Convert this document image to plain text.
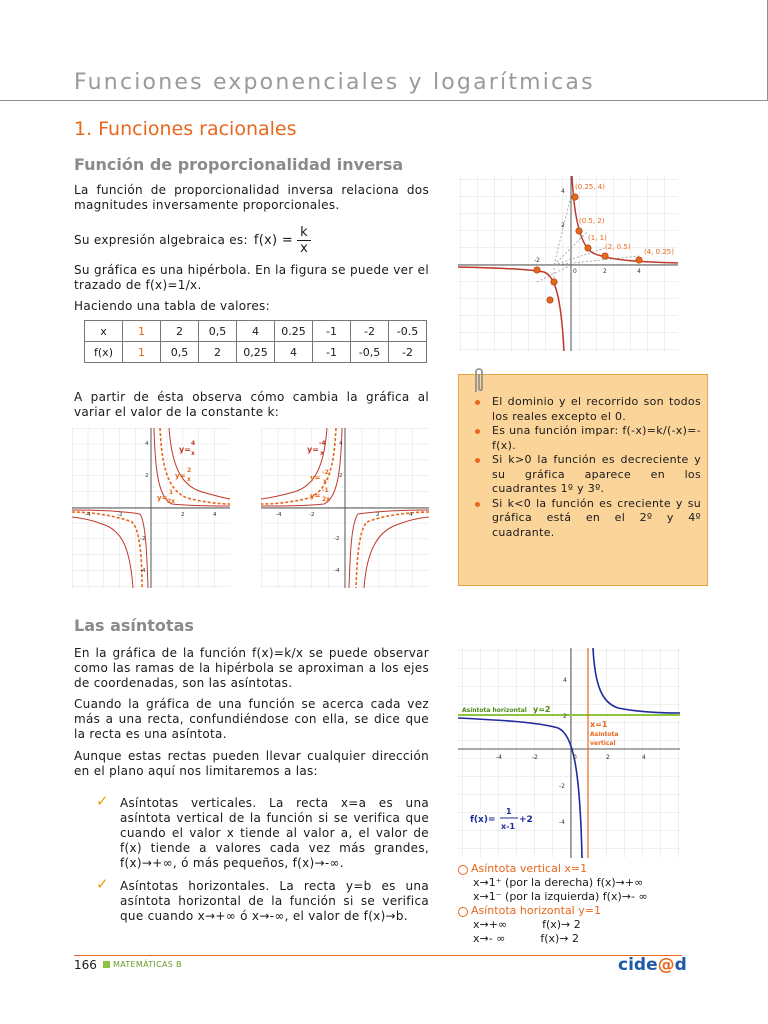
Funciones exponenciales y logarítmicas
1. Funciones racionales
Función de proporcionalidad inversa
La función de proporcionalidad inversa relaciona dos magnitudes inversamente proporcionales.
Su expresión algebraica es: $f(x) = \frac{k}{x}$
Su gráfica es una hipérbola. En la figura se puede ver el trazado de f(x)=1/x.
Haciendo una tabla de valores:
x	1	2	0,5	4	0.25	-1	-2	-0.5
f(x)	1	0,5	2	0,25	4	-1	-0,5	-2
A partir de ésta observa cómo cambia la gráfica al variar el valor de la constante k:
(0.25, 4)
(0.5, 2)
(1, 1)
(2, 0.5)
(4, 0.25)
4
2
0	2	4
-2
y=
4
x
y=
2
x
y=
1
2x
4
2
-2
-4
2	4
-2
-4
y=
-4
x
y=
-2
x
y=
-1
2x
4
2
-2
-4
2	4
-2
-4
El dominio y el recorrido son todos los reales excepto el 0.
Es una función impar: f(-x)=k/(-x)=-f(x).
Si k>0 la función es decreciente y su gráfica aparece en los cuadrantes 1º y 3º.
Si k<0 la función es creciente y su gráfica está en el 2º y 4º cuadrante.
Las asíntotas
En la gráfica de la función f(x)=k/x se puede observar como las ramas de la hipérbola se aproximan a los ejes de coordenadas, son las asíntotas.
Cuando la gráfica de una función se acerca cada vez más a una recta, confundiéndose con ella, se dice que la recta es una asíntota.
Aunque estas rectas pueden llevar cualquier dirección en el plano aquí nos limitaremos a las:
✓ Asíntotas verticales. La recta x=a es una asíntota vertical de la función si se verifica que cuando el valor x tiende al valor a, el valor de f(x) tiende a valores cada vez más grandes, f(x)→+∞, ó más pequeños, f(x)→-∞.
✓ Asíntotas horizontales. La recta y=b es una asíntota horizontal de la función si se verifica que cuando x→+∞ ó x→-∞, el valor de f(x)→b.
Asíntota horizontal y=2
x=1
Asíntota
vertical
f(x)=
1
x-1
+2
-4	-2	0	2	4
4
2
-2
-4
Asíntota vertical x=1
x→1⁺ (por la derecha) f(x)→+∞
x→1⁻ (por la izquierda) f(x)→- ∞
Asíntota horizontal y=1
x→+∞          f(x)→ 2
x→- ∞          f(x)→ 2
166 MATEMÁTICAS B	cide@d
